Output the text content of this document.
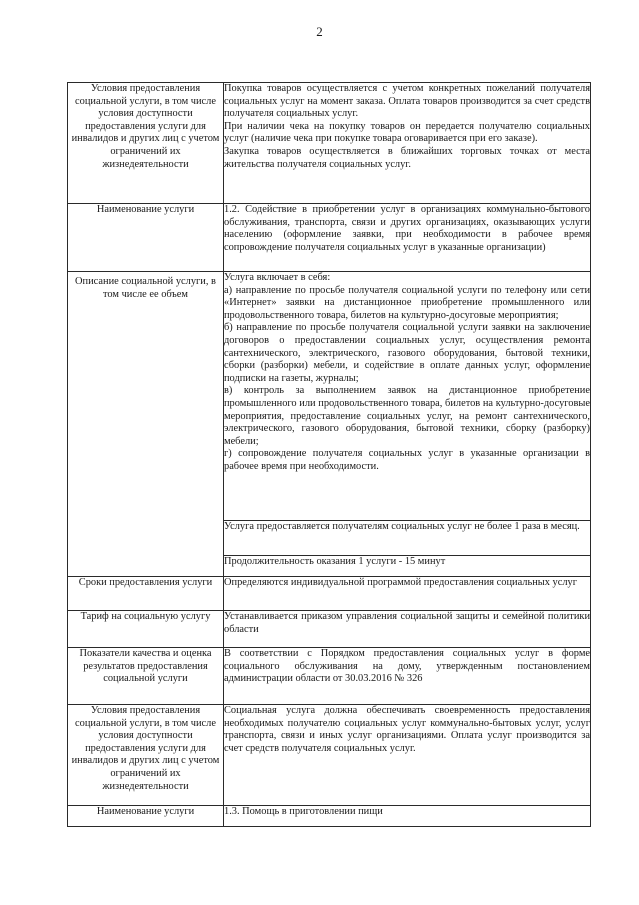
2
Условия предоставления социальной услуги, в том числе условия доступности предоставления услуги для инвалидов и других лиц с учетом ограничений их жизнедеятельности	Покупка товаров осуществляется с учетом конкретных пожеланий получателя социальных услуг на момент заказа. Оплата товаров производится за счет средств получателя социальных услуг.

При наличии чека на покупку товаров он передается получателю социальных услуг (наличие чека при покупке товара оговаривается при его заказе).

Закупка товаров осуществляется в ближайших торговых точках от места жительства получателя социальных услуг.

Наименование услуги	1.2. Содействие в приобретении услуг в организациях коммунально-бытового обслуживания, транспорта, связи и других организациях, оказывающих услуги населению (оформление заявки, при необходимости в рабочее время сопровождение получателя социальных услуг в указанные организации)
Описание социальной услуги, в том числе ее объем	Услуга включает в себя:

а) направление по просьбе получателя социальной услуги по телефону или сети «Интернет» заявки на дистанционное приобретение промышленного или продовольственного товара, билетов на культурно-досуговые мероприятия;

б) направление по просьбе получателя социальной услуги заявки на заключение договоров о предоставлении социальных услуг, осуществления ремонта сантехнического, электрического, газового оборудования, бытовой техники, сборки (разборки) мебели, и содействие в оплате данных услуг, оформление подписки на газеты, журналы;

в) контроль за выполнением заявок на дистанционное приобретение промышленного или продовольственного товара, билетов на культурно-досуговые мероприятия, предоставление социальных услуг, на ремонт сантехнического, электрического, газового оборудования, бытовой техники, сборку (разборку) мебели;

г) сопровождение получателя социальных услуг в указанные организации в рабочее время при необходимости.

	Услуга предоставляется получателям социальных услуг не более 1 раза в месяц.
	Продолжительность оказания 1 услуги - 15 минут
Сроки предоставления услуги	Определяются индивидуальной программой предоставления социальных услуг
Тариф на социальную услугу	Устанавливается приказом управления социальной защиты и семейной политики области
Показатели качества и оценка результатов предоставления социальной услуги	В соответствии с Порядком предоставления социальных услуг в форме социального обслуживания на дому, утвержденным постановлением администрации области от 30.03.2016 № 326
Условия предоставления социальной услуги, в том числе условия доступности предоставления услуги для инвалидов и других лиц с учетом ограничений их жизнедеятельности	Социальная услуга должна обеспечивать своевременность предоставления необходимых получателю социальных услуг коммунально-бытовых услуг, услуг транспорта, связи и иных услуг организациями. Оплата услуг производится за счет средств получателя социальных услуг.
Наименование услуги	1.3. Помощь в приготовлении пищи
